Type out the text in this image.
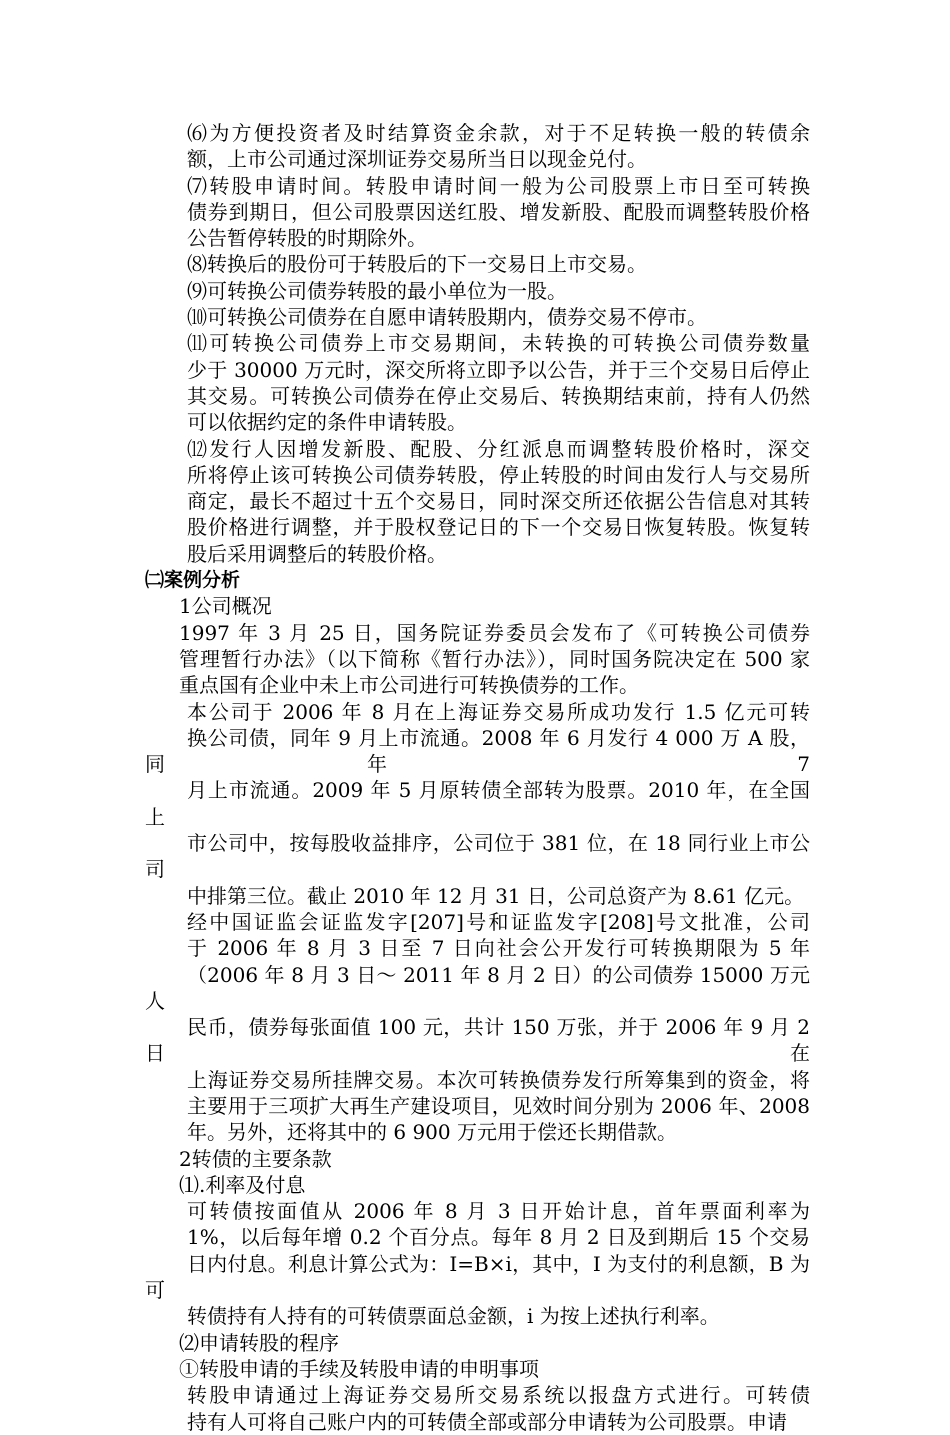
⑹为方便投资者及时结算资金余款，对于不足转换一般的转债余
额，上市公司通过深圳证券交易所当日以现金兑付。
⑺转股申请时间。转股申请时间一般为公司股票上市日至可转换
债券到期日，但公司股票因送红股、增发新股、配股而调整转股价格
公告暂停转股的时期除外。
⑻转换后的股份可于转股后的下一交易日上市交易。
⑼可转换公司债券转股的最小单位为一股。
⑽可转换公司债券在自愿申请转股期内，债券交易不停市。
⑾可转换公司债券上市交易期间，未转换的可转换公司债券数量
少于 30000 万元时，深交所将立即予以公告，并于三个交易日后停止
其交易。可转换公司债券在停止交易后、转换期结束前，持有人仍然
可以依据约定的条件申请转股。
⑿发行人因增发新股、配股、分红派息而调整转股价格时，深交
所将停止该可转换公司债券转股，停止转股的时间由发行人与交易所
商定，最长不超过十五个交易日，同时深交所还依据公告信息对其转
股价格进行调整，并于股权登记日的下一个交易日恢复转股。恢复转
股后采用调整后的转股价格。
㈡案例分析
1公司概况
1997 年 3 月 25 日，国务院证券委员会发布了《可转换公司债券
管理暂行办法》（以下简称《暂行办法》），同时国务院决定在 500 家
重点国有企业中未上市公司进行可转换债券的工作。
本公司于 2006 年 8 月在上海证券交易所成功发行 1.5 亿元可转
换公司债，同年 9 月上市流通。2008 年 6 月发行 4 000 万 A 股，同年 7
月上市流通。2009 年 5 月原转债全部转为股票。2010 年，在全国 上
市公司中，按每股收益排序，公司位于 381 位，在 18 同行业上市公司
中排第三位。截止 2010 年 12 月 31 日，公司总资产为 8.61 亿元。
经中国证监会证监发字[207]号和证监发字[208]号文批准，公司
于 2006 年 8 月 3 日至 7 日向社会公开发行可转换期限为 5 年
（2006 年 8 月 3 日～ 2011 年 8 月 2 日）的公司债券 15000 万元人
民币，债券每张面值 100 元，共计 150 万张，并于 2006 年 9 月 2 日在
上海证券交易所挂牌交易。本次可转换债券发行所筹集到的资金，将
主要用于三项扩大再生产建设项目，见效时间分别为 2006 年、2008
年。另外，还将其中的 6 900 万元用于偿还长期借款。
2转债的主要条款
⑴.利率及付息
可转债按面值从 2006 年 8 月 3 日开始计息，首年票面利率为
1%，以后每年增 0.2 个百分点。每年 8 月 2 日及到期后 15 个交易
日内付息。利息计算公式为：I=B×i，其中，I 为支付的利息额，B 为可
转债持有人持有的可转债票面总金额，i 为按上述执行利率。
⑵申请转股的程序
①转股申请的手续及转股申请的申明事项
转股申请通过上海证券交易所交易系统以报盘方式进行。可转债
持有人可将自己账户内的可转债全部或部分申请转为公司股票。申请
